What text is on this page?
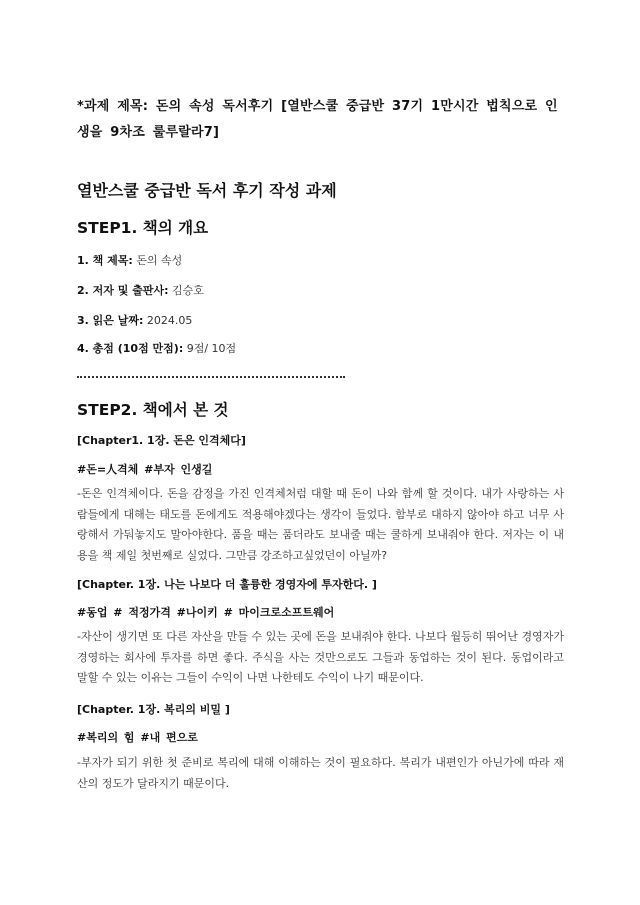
*과제 제목: 돈의 속성 독서후기 [열반스쿨 중급반 37기 1만시간 법칙으로 인생을 9차조 룰루랄라7]
열반스쿨 중급반 독서 후기 작성 과제
STEP1. 책의 개요
1. 책 제목: 돈의 속성
2. 저자 및 출판사: 김승호
3. 읽은 날짜: 2024.05
4. 총점 (10점 만점): 9점/ 10점
STEP2. 책에서 본 것
[Chapter1. 1장. 돈은 인격체다]
#돈=人격체 #부자 인생길
-돈은 인격체이다. 돈을 감정을 가진 인격체처럼 대할 때 돈이 나와 함께 할 것이다. 내가 사랑하는 사람들에게 대해는 태도를 돈에게도 적용해야겠다는 생각이 들었다. 함부로 대하지 않아야 하고 너무 사랑해서 가둬놓지도 말아야한다. 품을 때는 품더라도 보내줄 때는 쿨하게 보내줘야 한다. 저자는 이 내용을 책 제일 첫번째로 실었다. 그만큼 강조하고싶었던이 아닐까?
[Chapter. 1장. 나는 나보다 더 훌륭한 경영자에 투자한다. ]
#동업 # 적정가격 #나이키 # 마이크로소프트웨어
-자산이 생기면 또 다른 자산을 만들 수 있는 곳에 돈을 보내줘야 한다. 나보다 월등히 뛰어난 경영자가 경영하는 회사에 투자를 하면 좋다. 주식을 사는 것만으로도 그들과 동업하는 것이 된다. 동업이라고 말할 수 있는 이유는 그들이 수익이 나면 나한테도 수익이 나기 때문이다.
[Chapter. 1장. 복리의 비밀 ]
#복리의 힘 #내 편으로
-부자가 되기 위한 첫 준비로 복리에 대해 이해하는 것이 필요하다. 복리가 내편인가 아닌가에 따라 재산의 정도가 달라지기 때문이다.
